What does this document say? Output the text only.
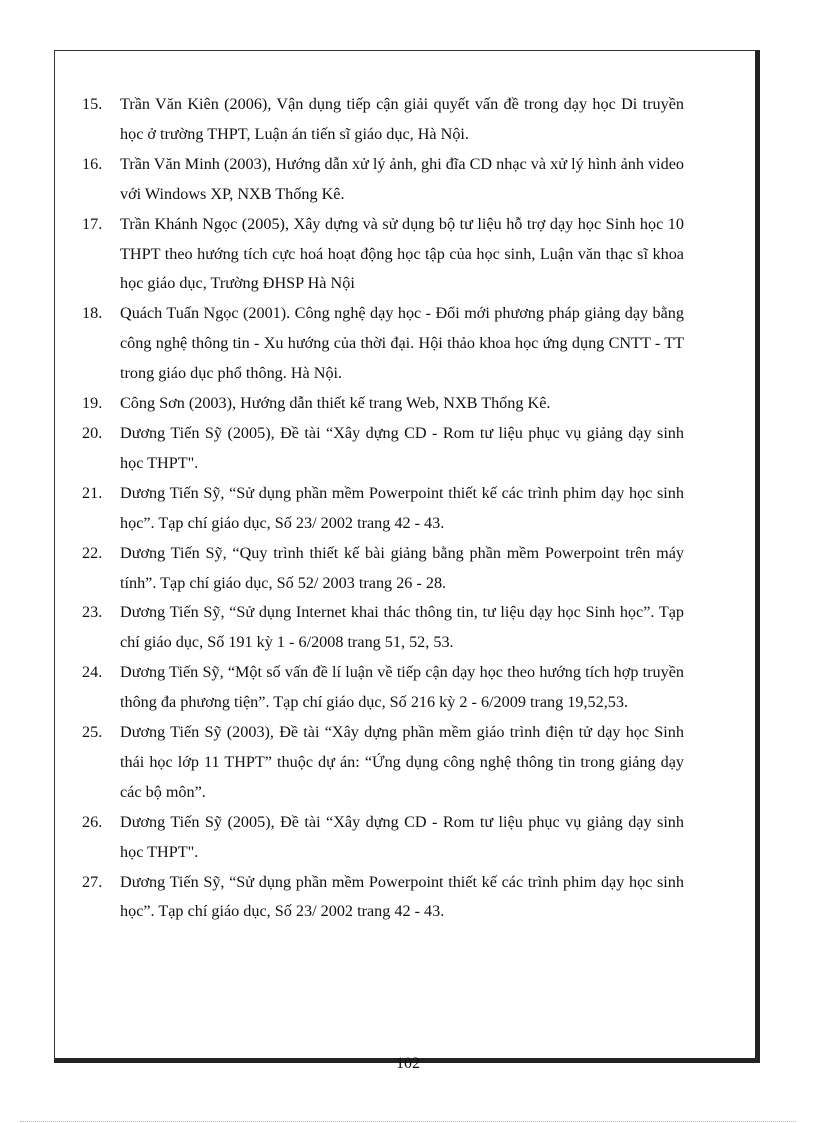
15.	Trần Văn Kiên (2006), Vận dụng tiếp cận giải quyết vấn đề trong dạy học Di truyền học ở trường THPT, Luận án tiến sĩ giáo dục, Hà Nội.
16.	Trần Văn Minh (2003), Hướng dẫn xử lý ảnh, ghi đĩa CD nhạc và xử lý hình ảnh video với Windows XP, NXB Thống Kê.
17.	Trần Khánh Ngọc (2005), Xây dựng và sử dụng bộ tư liệu hỗ trợ dạy học Sinh học 10 THPT theo hướng tích cực hoá hoạt động học tập của học sinh, Luận văn thạc sĩ khoa học giáo dục, Trường ĐHSP Hà Nội
18.	Quách Tuấn Ngọc (2001). Công nghệ dạy học - Đổi mới phương pháp giảng dạy bằng công nghệ thông tin - Xu hướng của thời đại. Hội thảo khoa học ứng dụng CNTT - TT trong giáo dục phổ thông. Hà Nội.
19.	Công Sơn (2003), Hướng dẫn thiết kế trang Web, NXB Thống Kê.
20.	Dương Tiến Sỹ (2005), Đề tài “Xây dựng CD - Rom tư liệu phục vụ giảng dạy sinh học THPT".
21.	Dương Tiến Sỹ, “Sử dụng phần mềm Powerpoint thiết kế các trình phim dạy học sinh học”. Tạp chí giáo dục, Số 23/ 2002 trang 42 - 43.
22.	Dương Tiến Sỹ, “Quy trình thiết kế bài giảng bằng phần mềm Powerpoint trên máy tính”. Tạp chí giáo dục, Số 52/ 2003 trang 26 - 28.
23.	Dương Tiến Sỹ, “Sử dụng Internet khai thác thông tin, tư liệu dạy học Sinh học”. Tạp chí giáo dục, Số 191 kỳ 1 - 6/2008 trang 51, 52, 53.
24.	Dương Tiến Sỹ, “Một số vấn đề lí luận về tiếp cận dạy học theo hướng tích hợp truyền thông đa phương tiện”. Tạp chí giáo dục, Số 216 kỳ 2 - 6/2009 trang 19,52,53.
25.	Dương Tiến Sỹ (2003), Đề tài “Xây dựng phần mềm giáo trình điện tử dạy học Sinh thái học lớp 11 THPT” thuộc dự án: “Ứng dụng công nghệ thông tin trong giảng dạy các bộ môn”.
26.	Dương Tiến Sỹ (2005), Đề tài “Xây dựng CD - Rom tư liệu phục vụ giảng dạy sinh học THPT".
27.	Dương Tiến Sỹ, “Sử dụng phần mềm Powerpoint thiết kế các trình phim dạy học sinh học”. Tạp chí giáo dục, Số 23/ 2002 trang 42 - 43.
102
